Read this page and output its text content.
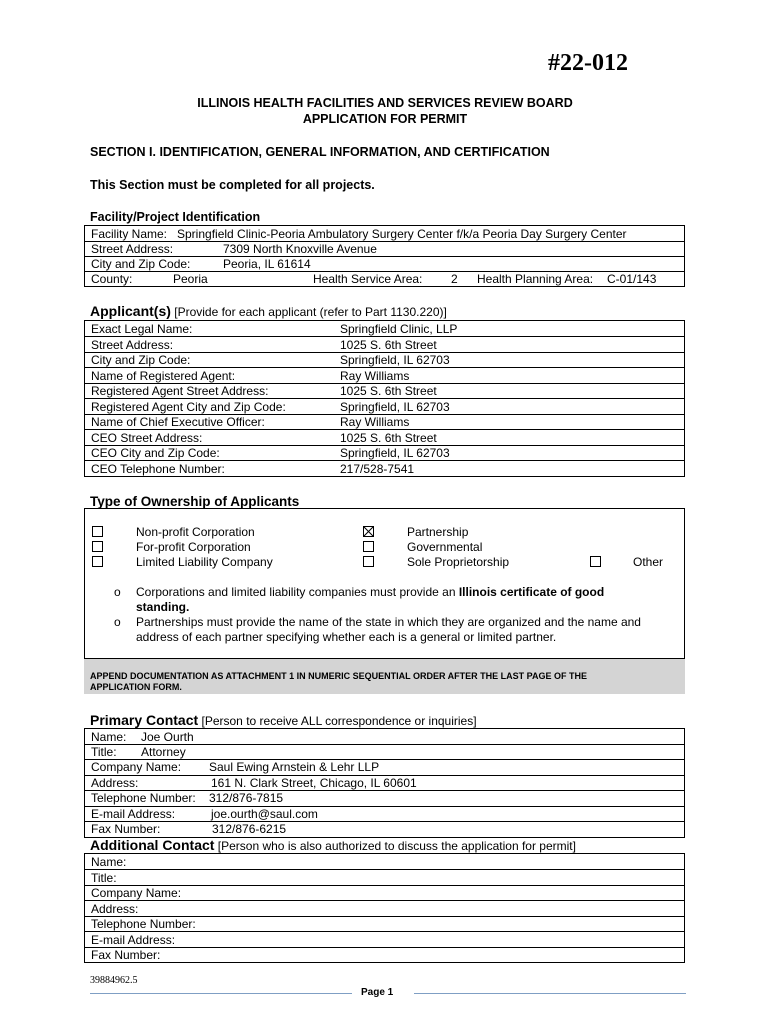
#22-012
ILLINOIS HEALTH FACILITIES AND SERVICES REVIEW BOARD
APPLICATION FOR PERMIT
SECTION I. IDENTIFICATION, GENERAL INFORMATION, AND CERTIFICATION
This Section must be completed for all projects.
Facility/Project Identification
Facility Name: Springfield Clinic-Peoria Ambulatory Surgery Center f/k/a Peoria Day Surgery Center
Street Address:	7309 North Knoxville Avenue
City and Zip Code:	Peoria, IL 61614
County:	Peoria	Health Service Area: 2 Health Planning Area: C-01/143
Applicant(s) [Provide for each applicant (refer to Part 1130.220)]
Exact Legal Name:	Springfield Clinic, LLP
Street Address:	1025 S. 6th Street
City and Zip Code:	Springfield, IL 62703
Name of Registered Agent:	Ray Williams
Registered Agent Street Address:	1025 S. 6th Street
Registered Agent City and Zip Code:	Springfield, IL 62703
Name of Chief Executive Officer:	Ray Williams
CEO Street Address:	1025 S. 6th Street
CEO City and Zip Code:	Springfield, IL 62703
CEO Telephone Number:	217/528-7541
Type of Ownership of Applicants
Non-profit Corporation
For-profit Corporation
Limited Liability Company
Partnership
Governmental
Sole Proprietorship	Other
o Corporations and limited liability companies must provide an Illinois certificate of good
standing.
o Partnerships must provide the name of the state in which they are organized and the name and
address of each partner specifying whether each is a general or limited partner.
APPEND DOCUMENTATION AS ATTACHMENT 1 IN NUMERIC SEQUENTIAL ORDER AFTER THE LAST PAGE OF THE
APPLICATION FORM.
Primary Contact [Person to receive ALL correspondence or inquiries]
Name: Joe Ourth
Title: Attorney
Company Name: Saul Ewing Arnstein & Lehr LLP
Address:	161 N. Clark Street, Chicago, IL 60601
Telephone Number: 312/876-7815
E-mail Address:	joe.ourth@saul.com
Fax Number:	312/876-6215
Additional Contact [Person who is also authorized to discuss the application for permit]
Name:
Title:
Company Name:
Address:
Telephone Number:
E-mail Address:
Fax Number:
39884962.5
Page 1
